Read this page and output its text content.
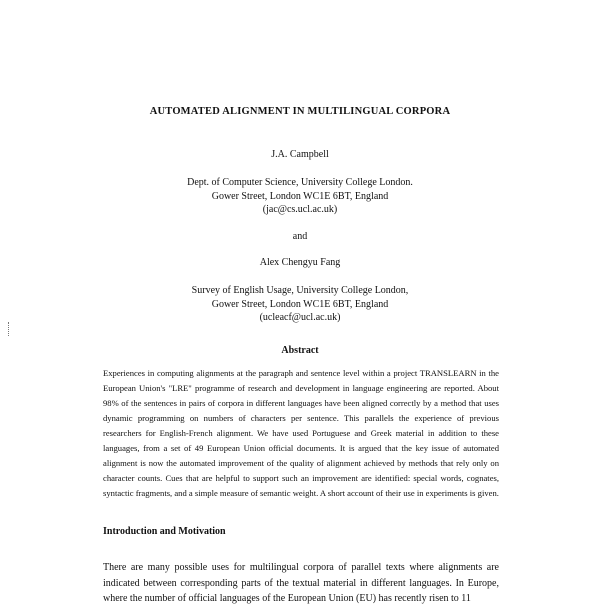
AUTOMATED ALIGNMENT IN MULTILINGUAL CORPORA
J.A. Campbell
Dept. of Computer Science, University College London.
Gower Street, London WC1E 6BT, England
(jac@cs.ucl.ac.uk)
and
Alex Chengyu Fang
Survey of English Usage, University College London,
Gower Street, London WC1E 6BT, England
(ucleacf@ucl.ac.uk)
Abstract
Experiences in computing alignments at the paragraph and sentence level within a project TRANSLEARN in the European Union's "LRE" programme of research and development in language engineering are reported. About 98% of the sentences in pairs of corpora in different languages have been aligned correctly by a method that uses dynamic programming on numbers of characters per sentence. This parallels the experience of previous researchers for English-French alignment. We have used Portuguese and Greek material in addition to these languages, from a set of 49 European Union official documents. It is argued that the key issue of automated alignment is now the automated improvement of the quality of alignment achieved by methods that rely only on character counts. Cues that are helpful to support such an improvement are identified: special words, cognates, syntactic fragments, and a simple measure of semantic weight. A short account of their use in experiments is given.
Introduction and Motivation
There are many possible uses for multilingual corpora of parallel texts where alignments are indicated between corresponding parts of the textual material in different languages. In Europe, where the number of official languages of the European Union (EU) has recently risen to 11
